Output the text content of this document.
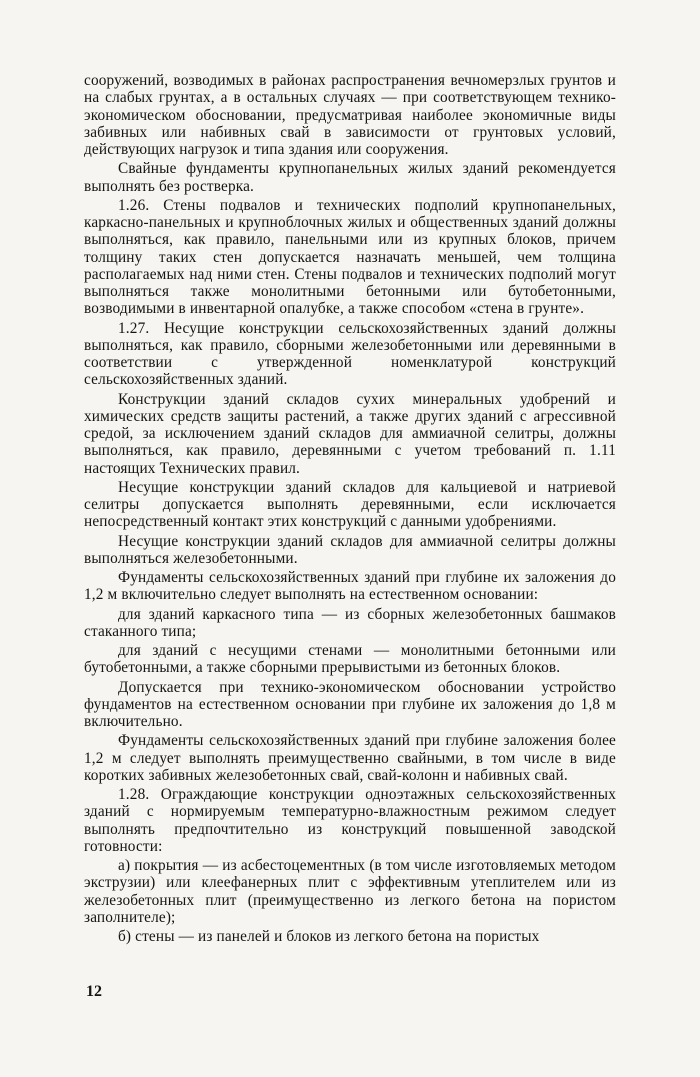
сооружений, возводимых в районах распространения вечномерзлых грунтов и на слабых грунтах, а в остальных случаях — при соответствующем технико-экономическом обосновании, предусматривая наиболее экономичные виды забивных или набивных свай в зависимости от грунтовых условий, действующих нагрузок и типа здания или сооружения.

Свайные фундаменты крупнопанельных жилых зданий рекомендуется выполнять без ростверка.

1.26. Стены подвалов и технических подполий крупнопанельных, каркасно-панельных и крупноблочных жилых и общественных зданий должны выполняться, как правило, панельными или из крупных блоков, причем толщину таких стен допускается назначать меньшей, чем толщина располагаемых над ними стен. Стены подвалов и технических подполий могут выполняться также монолитными бетонными или бутобетонными, возводимыми в инвентарной опалубке, а также способом «стена в грунте».

1.27. Несущие конструкции сельскохозяйственных зданий должны выполняться, как правило, сборными железобетонными или деревянными в соответствии с утвержденной номенклатурой конструкций сельскохозяйственных зданий.

Конструкции зданий складов сухих минеральных удобрений и химических средств защиты растений, а также других зданий с агрессивной средой, за исключением зданий складов для аммиачной селитры, должны выполняться, как правило, деревянными с учетом требований п. 1.11 настоящих Технических правил.

Несущие конструкции зданий складов для кальциевой и натриевой селитры допускается выполнять деревянными, если исключается непосредственный контакт этих конструкций с данными удобрениями.

Несущие конструкции зданий складов для аммиачной селитры должны выполняться железобетонными.

Фундаменты сельскохозяйственных зданий при глубине их заложения до 1,2 м включительно следует выполнять на естественном основании:

для зданий каркасного типа — из сборных железобетонных башмаков стаканного типа;

для зданий с несущими стенами — монолитными бетонными или бутобетонными, а также сборными прерывистыми из бетонных блоков.

Допускается при технико-экономическом обосновании устройство фундаментов на естественном основании при глубине их заложения до 1,8 м включительно.

Фундаменты сельскохозяйственных зданий при глубине заложения более 1,2 м следует выполнять преимущественно свайными, в том числе в виде коротких забивных железобетонных свай, свай-колонн и набивных свай.

1.28. Ограждающие конструкции одноэтажных сельскохозяйственных зданий с нормируемым температурно-влажностным режимом следует выполнять предпочтительно из конструкций повышенной заводской готовности:

а) покрытия — из асбестоцементных (в том числе изготовляемых методом экструзии) или клеефанерных плит с эффективным утеплителем или из железобетонных плит (преимущественно из легкого бетона на пористом заполнителе);

б) стены — из панелей и блоков из легкого бетона на пористых

12
